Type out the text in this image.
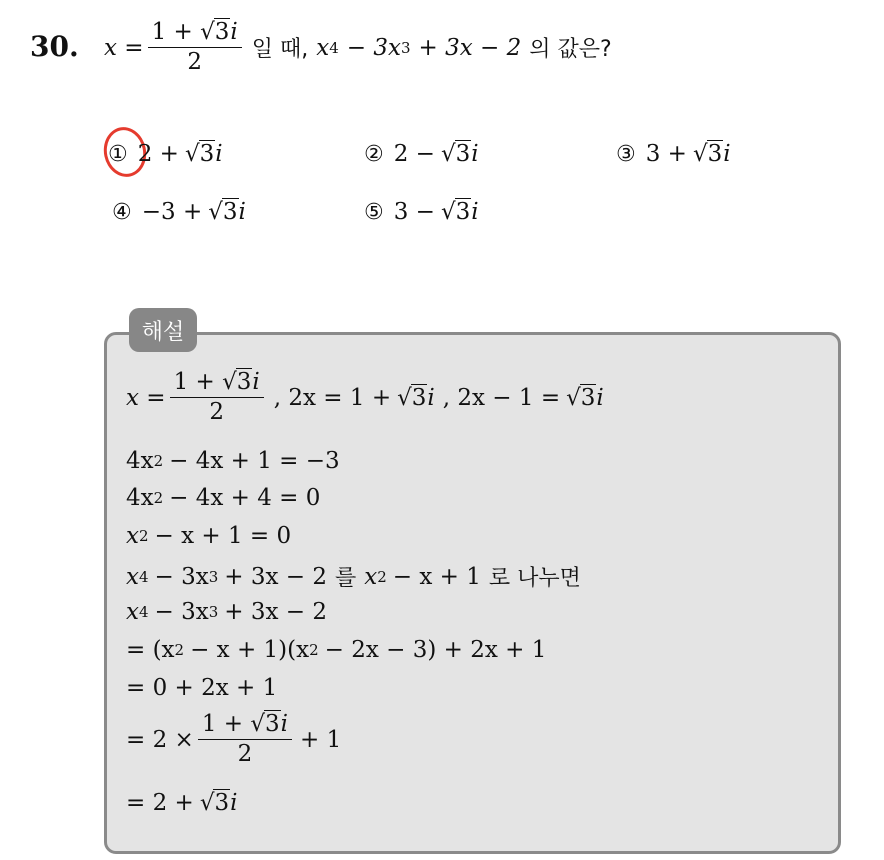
30. $x = \frac{1 + √3i}{2}$ 일 때, x 4 − 3x 3 + 3x − 2 의 값은?
① 2 + √3 i	② 2 − √3 i	③ 3 + √3 i
④ −3 + √3 i	⑤ 3 − √3 i
해설
$x = \frac{1 + √3i}{2}$ , 2x = 1 + √3 i , 2x − 1 = √3 i
4x 2 − 4x + 1 = −3
4x 2 − 4x + 4 = 0
x 2 − x + 1 = 0
x 4 − 3x 3 + 3x − 2 를 x 2 − x + 1 로 나누면
x 4 − 3x 3 + 3x − 2
= (x 2 − x + 1)(x 2 − 2x − 3) + 2x + 1
= 0 + 2x + 1
= $2 \times \frac{1 + √3i}{2} + 1$
= 2 + √3 i
